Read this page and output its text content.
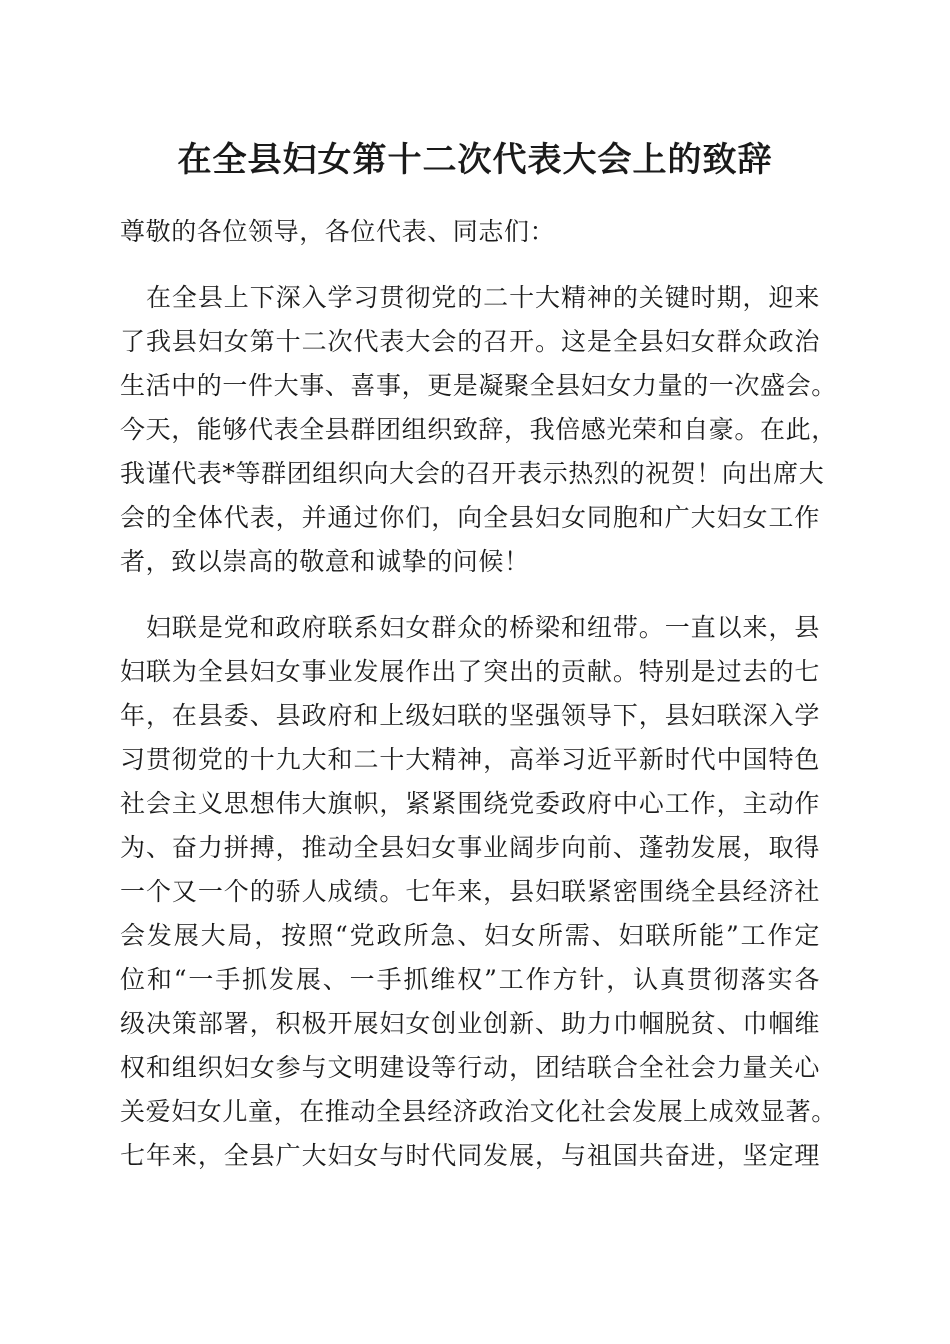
在全县妇女第十二次代表大会上的致辞
尊敬的各位领导，各位代表、同志们：
　在全县上下深入学习贯彻党的二十大精神的关键时期，迎来
了我县妇女第十二次代表大会的召开。这是全县妇女群众政治
生活中的一件大事、喜事，更是凝聚全县妇女力量的一次盛会。
今天，能够代表全县群团组织致辞，我倍感光荣和自豪。在此，
我谨代表*等群团组织向大会的召开表示热烈的祝贺！向出席大
会的全体代表，并通过你们，向全县妇女同胞和广大妇女工作
者，致以崇高的敬意和诚挚的问候！
　妇联是党和政府联系妇女群众的桥梁和纽带。一直以来，县
妇联为全县妇女事业发展作出了突出的贡献。特别是过去的七
年，在县委、县政府和上级妇联的坚强领导下，县妇联深入学
习贯彻党的十九大和二十大精神，高举习近平新时代中国特色
社会主义思想伟大旗帜，紧紧围绕党委政府中心工作，主动作
为、奋力拼搏，推动全县妇女事业阔步向前、蓬勃发展，取得
一个又一个的骄人成绩。七年来，县妇联紧密围绕全县经济社
会发展大局，按照“党政所急、妇女所需、妇联所能”工作定
位和“一手抓发展、一手抓维权”工作方针，认真贯彻落实各
级决策部署，积极开展妇女创业创新、助力巾帼脱贫、巾帼维
权和组织妇女参与文明建设等行动，团结联合全社会力量关心
关爱妇女儿童，在推动全县经济政治文化社会发展上成效显著。
七年来，全县广大妇女与时代同发展，与祖国共奋进，坚定理
